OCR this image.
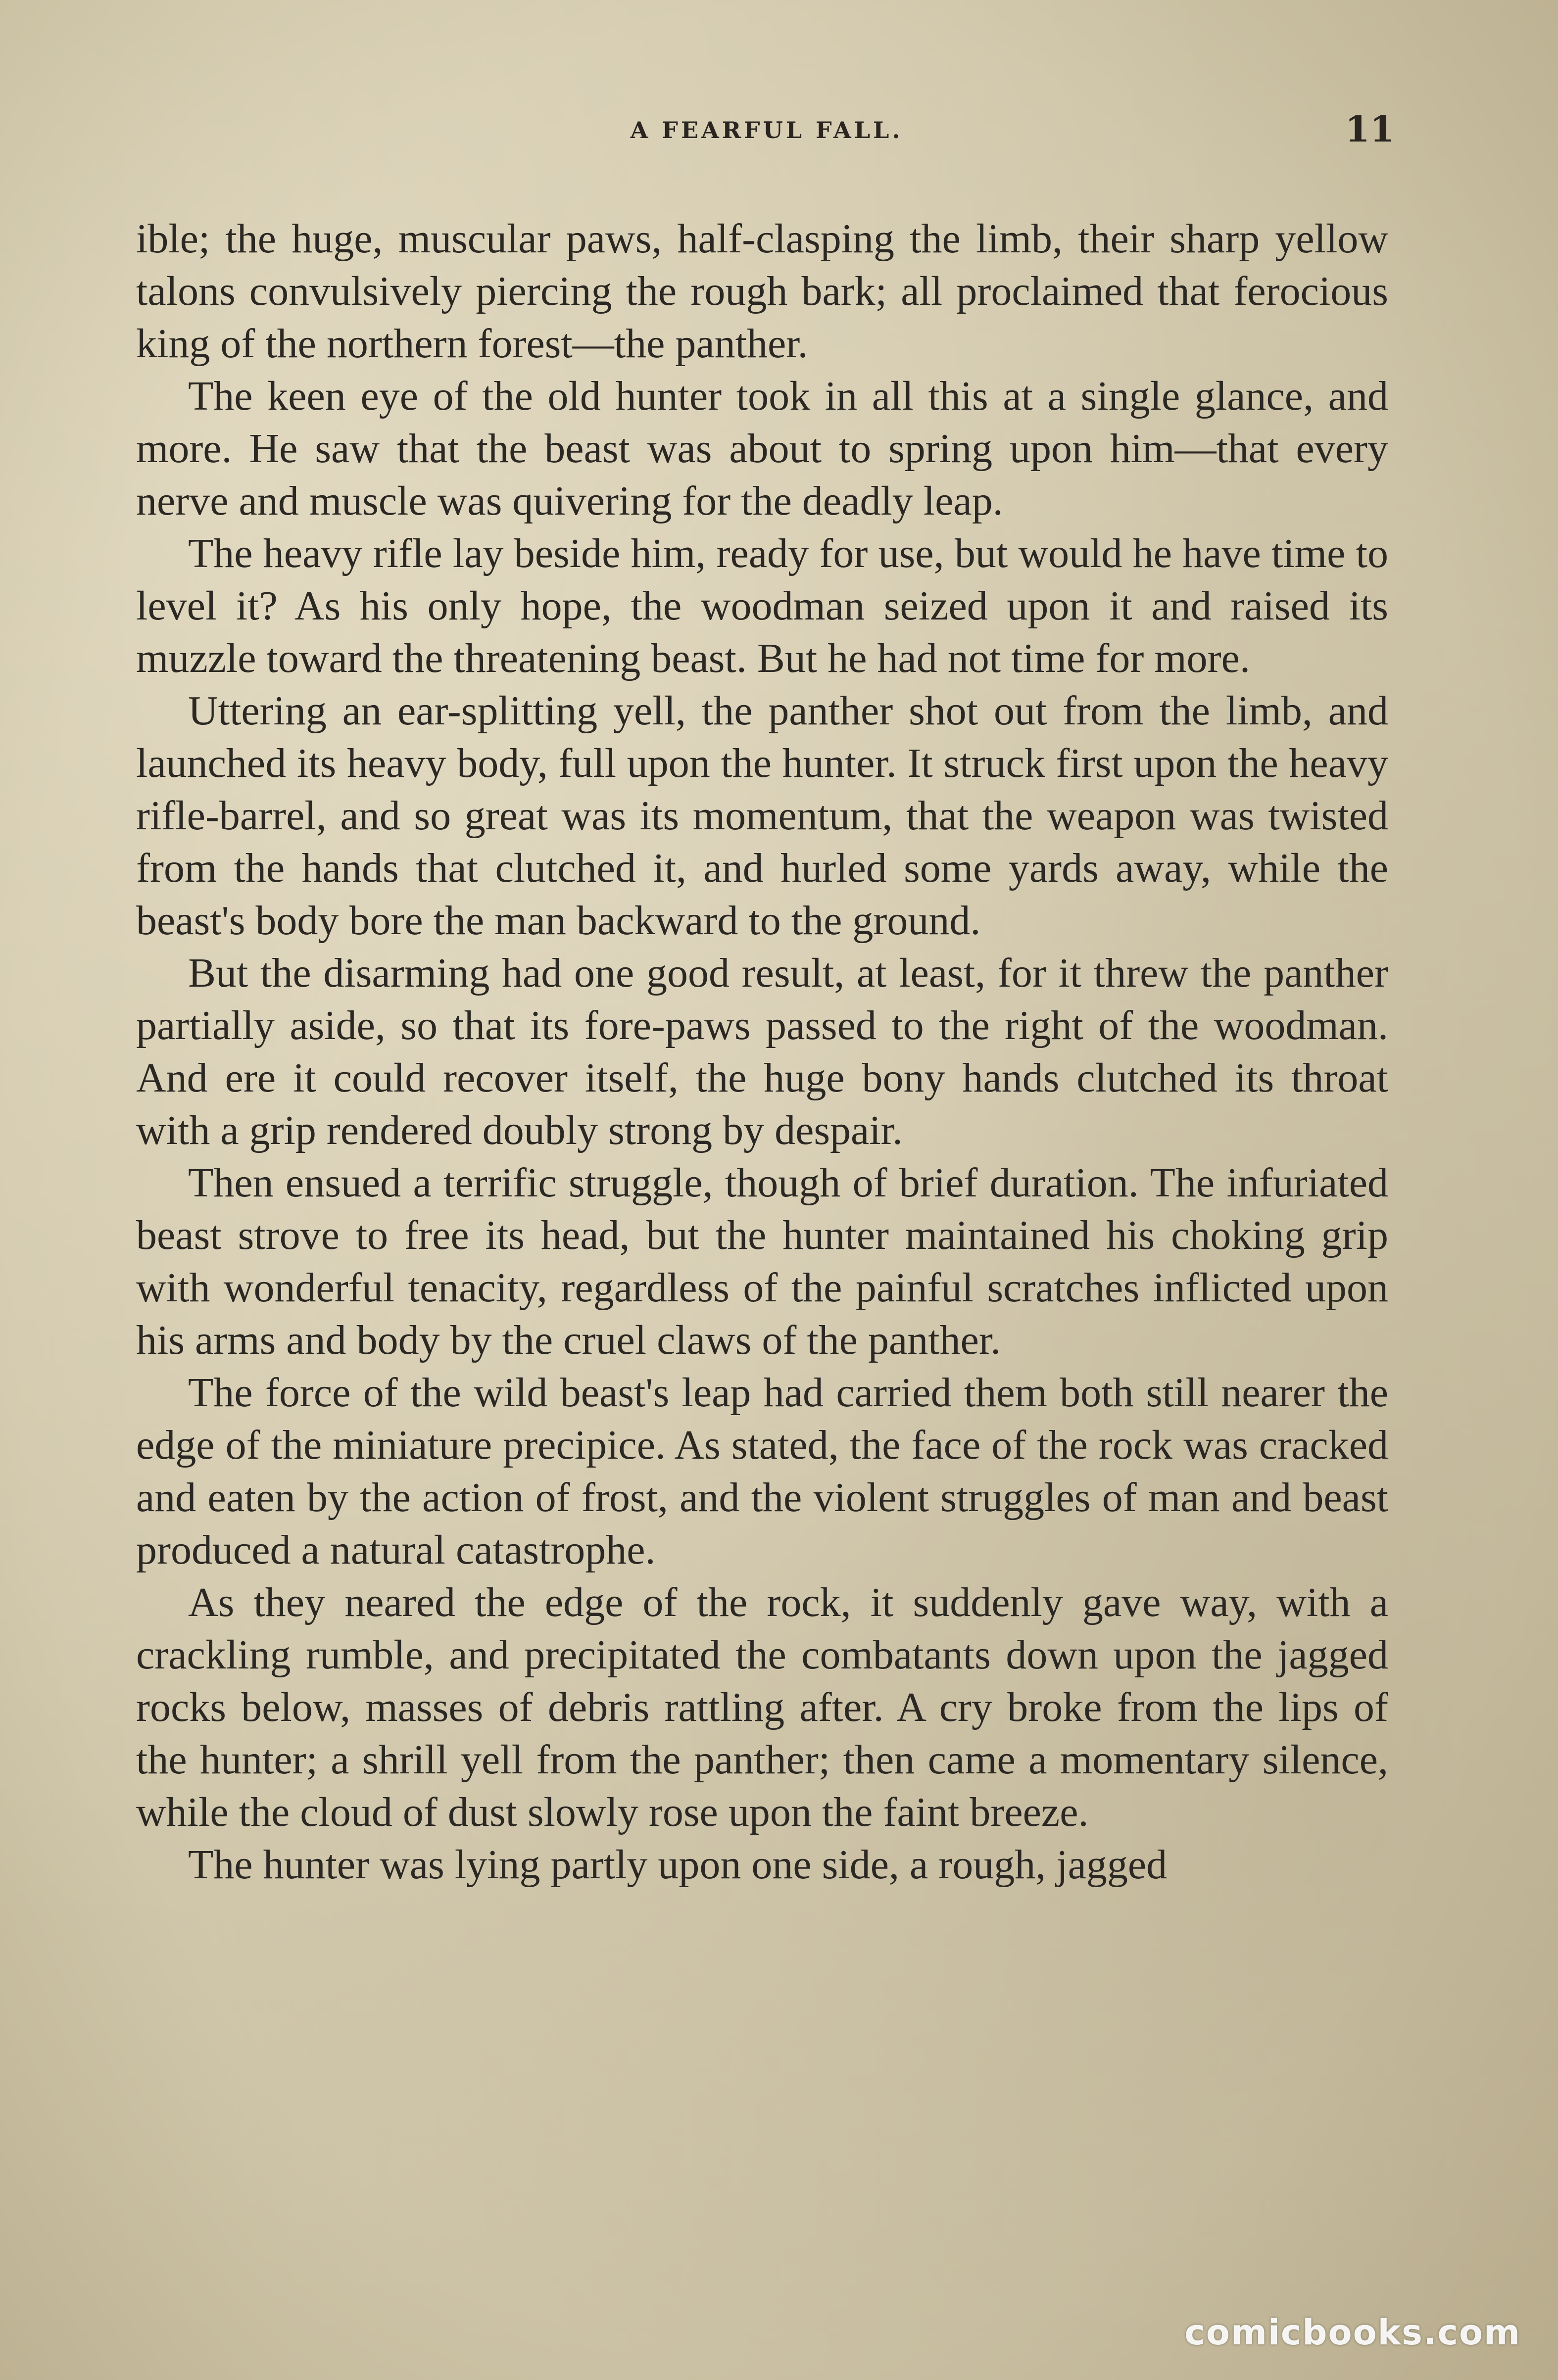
A FEARFUL FALL.	11

ible; the huge, muscular paws, half-clasping the limb, their sharp yellow talons convulsively piercing the rough bark; all proclaimed that ferocious king of the northern forest—the panther.

The keen eye of the old hunter took in all this at a single glance, and more. He saw that the beast was about to spring upon him—that every nerve and muscle was quivering for the deadly leap.

The heavy rifle lay beside him, ready for use, but would he have time to level it? As his only hope, the woodman seized upon it and raised its muzzle toward the threatening beast. But he had not time for more.

Uttering an ear-splitting yell, the panther shot out from the limb, and launched its heavy body, full upon the hunter. It struck first upon the heavy rifle-barrel, and so great was its momentum, that the weapon was twisted from the hands that clutched it, and hurled some yards away, while the beast's body bore the man backward to the ground.

But the disarming had one good result, at least, for it threw the panther partially aside, so that its fore-paws passed to the right of the woodman. And ere it could recover itself, the huge bony hands clutched its throat with a grip rendered doubly strong by despair.

Then ensued a terrific struggle, though of brief duration. The infuriated beast strove to free its head, but the hunter maintained his choking grip with wonderful tenacity, regardless of the painful scratches inflicted upon his arms and body by the cruel claws of the panther.

The force of the wild beast's leap had carried them both still nearer the edge of the miniature precipice. As stated, the face of the rock was cracked and eaten by the action of frost, and the violent struggles of man and beast produced a natural catastrophe.

As they neared the edge of the rock, it suddenly gave way, with a crackling rumble, and precipitated the combatants down upon the jagged rocks below, masses of debris rattling after. A cry broke from the lips of the hunter; a shrill yell from the panther; then came a momentary silence, while the cloud of dust slowly rose upon the faint breeze.

The hunter was lying partly upon one side, a rough, jagged

comicbooks.com
